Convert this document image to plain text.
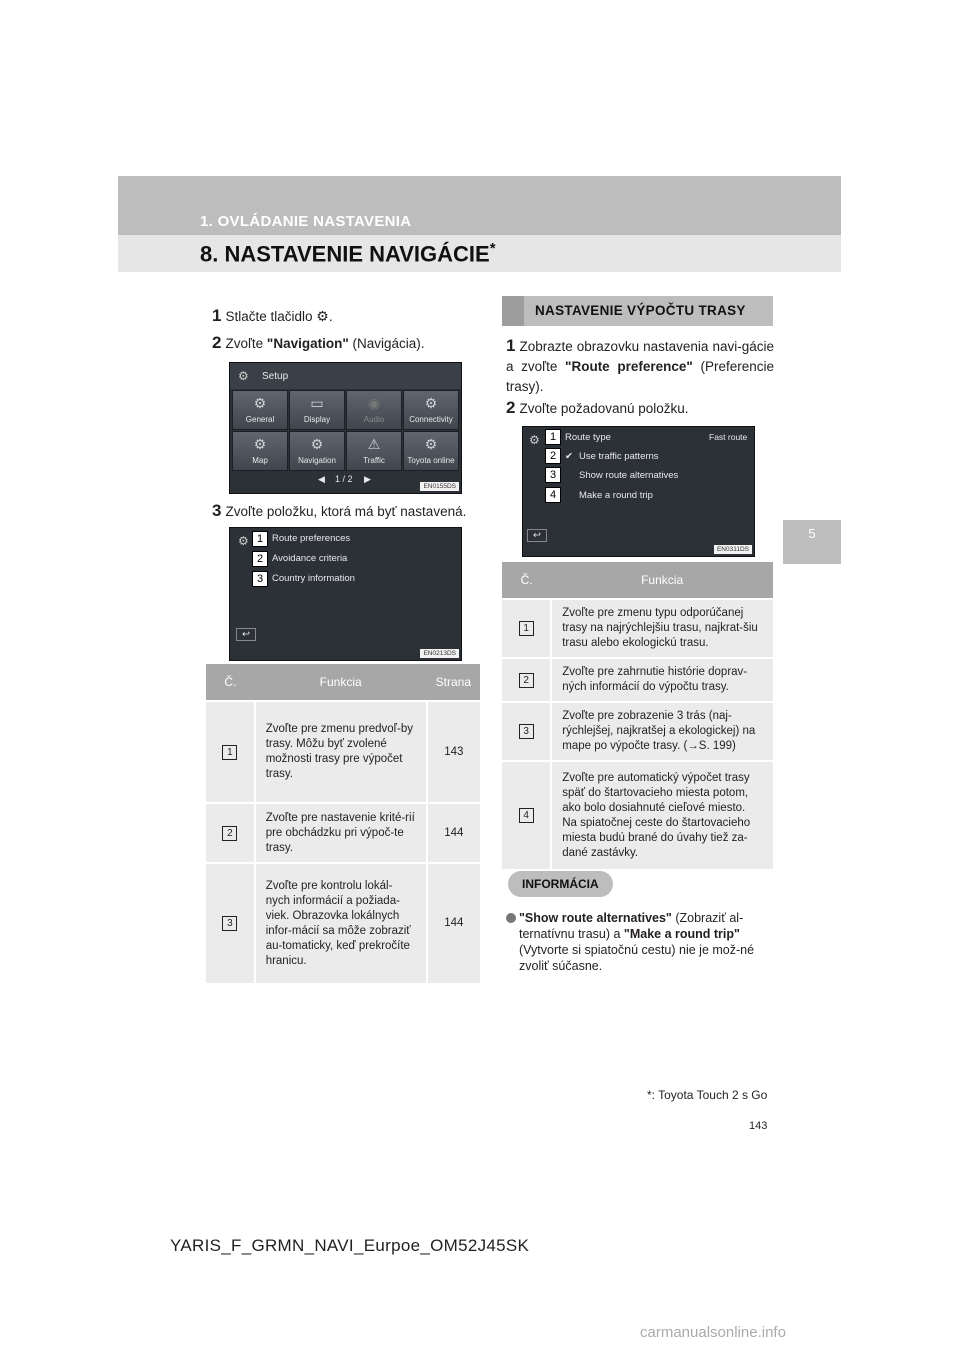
1. OVLÁDANIE NASTAVENIA
8. NASTAVENIE NAVIGÁCIE*
5
1 Stlačte tlačidlo ⚙.
2 Zvoľte "Navigation" (Navigácia).
⚙ Setup
⚙
General
▭
Display
◉
Audio
⚙
Connectivity
⚙
Map
⚙
Navigation
⚠
Traffic
⚙
Toyota online
◀ 1 / 2 ▶
EN0155DS
3 Zvoľte položku, ktorá má byť nastavená.
⚙ 1 Route preferences
2 Avoidance criteria
3 Country information
↩
EN0213DS
Č.	Funkcia	Strana
1	Zvoľte pre zmenu predvoľ-by trasy. Môžu byť zvolené možnosti trasy pre výpočet trasy.	143
2	Zvoľte pre nastavenie krité-rií pre obchádzku pri výpoč-te trasy.	144
3	Zvoľte pre kontrolu lokál-nych informácií a požiada-viek. Obrazovka lokálnych infor-mácií sa môže zobraziť au-tomaticky, keď prekročíte hranicu.	144
NASTAVENIE VÝPOČTU TRASY
1 Zobrazte obrazovku nastavenia navi-gácie a zvoľte "Route preference" (Preferencie trasy).
2 Zvoľte požadovanú položku.
⚙ 1 Route type	Fast route
2 ✔ Use traffic patterns
3	Show route alternatives
4	Make a round trip
↩
EN0311DS
Č.	Funkcia
1	Zvoľte pre zmenu typu odporúčanej trasy na najrýchlejšiu trasu, najkrat-šiu trasu alebo ekologickú trasu.
2	Zvoľte pre zahrnutie histórie doprav-ných informácií do výpočtu trasy.
3	Zvoľte pre zobrazenie 3 trás (naj-rýchlejšej, najkratšej a ekologickej) na mape po výpočte trasy. (→S. 199)
4	Zvoľte pre automatický výpočet trasy späť do štartovacieho miesta potom, ako bolo dosiahnuté cieľové miesto. Na spiatočnej ceste do štartovacieho miesta budú brané do úvahy tiež za-dané zastávky.
INFORMÁCIA
"Show route alternatives" (Zobraziť al-ternatívnu trasu) a "Make a round trip" (Vytvorte si spiatočnú cestu) nie je mož-né zvoliť súčasne.
*: Toyota Touch 2 s Go
143
YARIS_F_GRMN_NAVI_Eurpoe_OM52J45SK
carmanualsonline.info
